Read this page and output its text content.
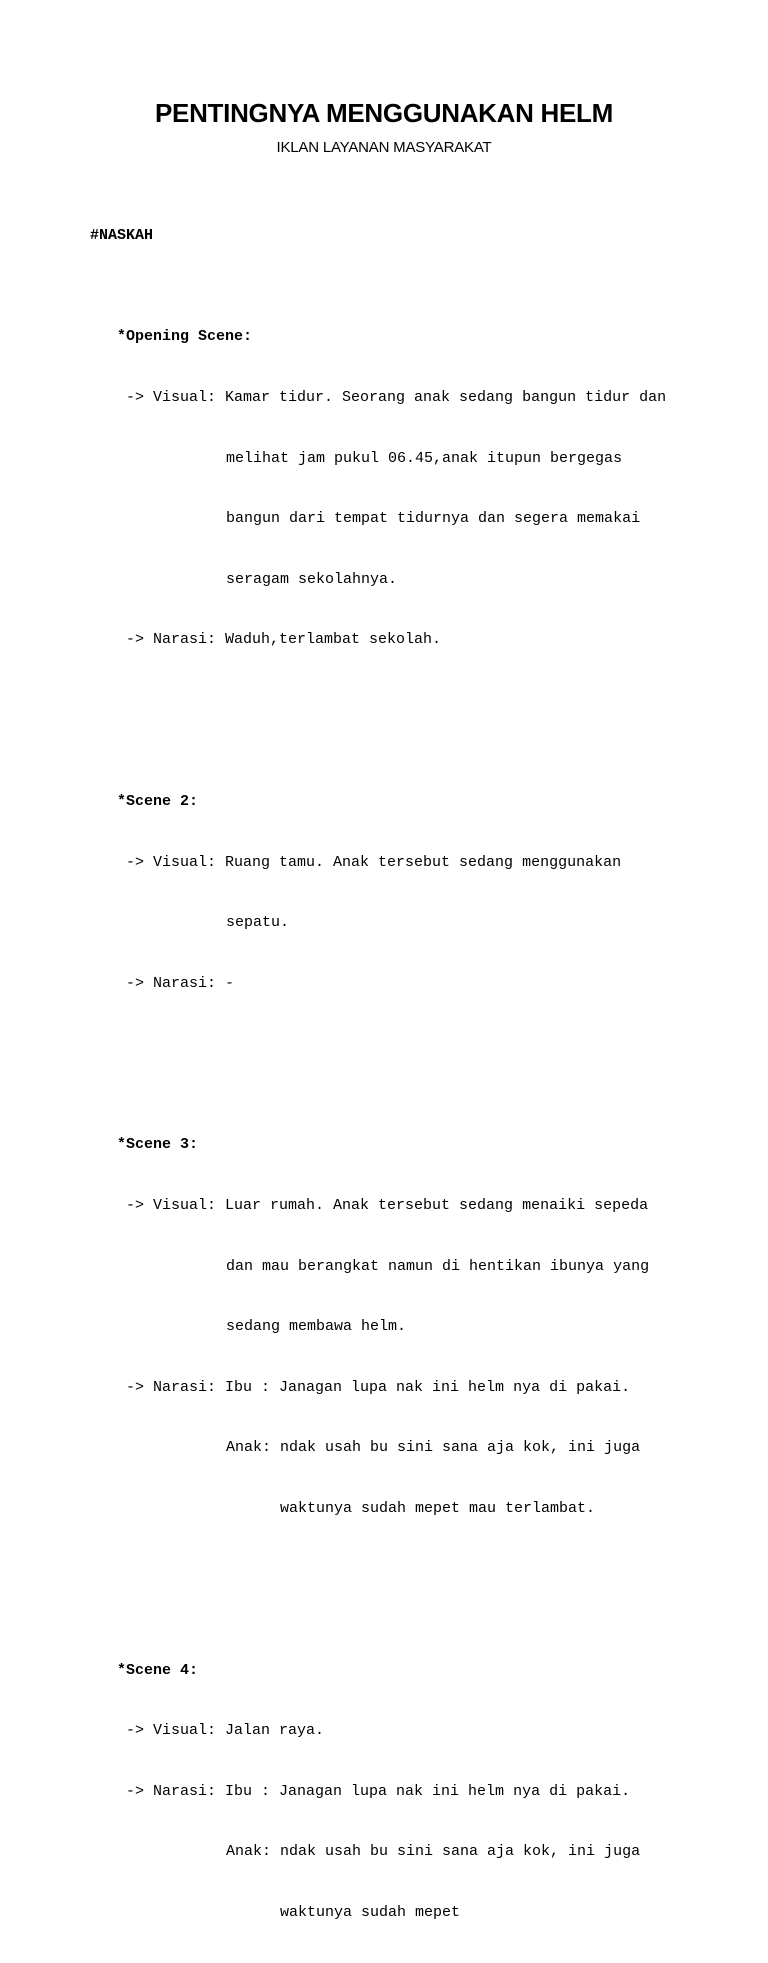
PENTINGNYA MENGGUNAKAN HELM
IKLAN LAYANAN MASYARAKAT

#NASKAH

*Opening Scene:

-> Visual: Kamar tidur. Seorang anak sedang bangun tidur dan

melihat jam pukul 06.45,anak itupun bergegas

bangun dari tempat tidurnya dan segera memakai

seragam sekolahnya.

-> Narasi: Waduh,terlambat sekolah.

*Scene 2:

-> Visual: Ruang tamu. Anak tersebut sedang menggunakan

sepatu.

-> Narasi: -

*Scene 3:

-> Visual: Luar rumah. Anak tersebut sedang menaiki sepeda

dan mau berangkat namun di hentikan ibunya yang

sedang membawa helm.

-> Narasi: Ibu : Janagan lupa nak ini helm nya di pakai.

Anak: ndak usah bu sini sana aja kok, ini juga

waktunya sudah mepet mau terlambat.

*Scene 4:

-> Visual: Jalan raya.

-> Narasi: Ibu : Janagan lupa nak ini helm nya di pakai.

Anak: ndak usah bu sini sana aja kok, ini juga

waktunya sudah mepet
